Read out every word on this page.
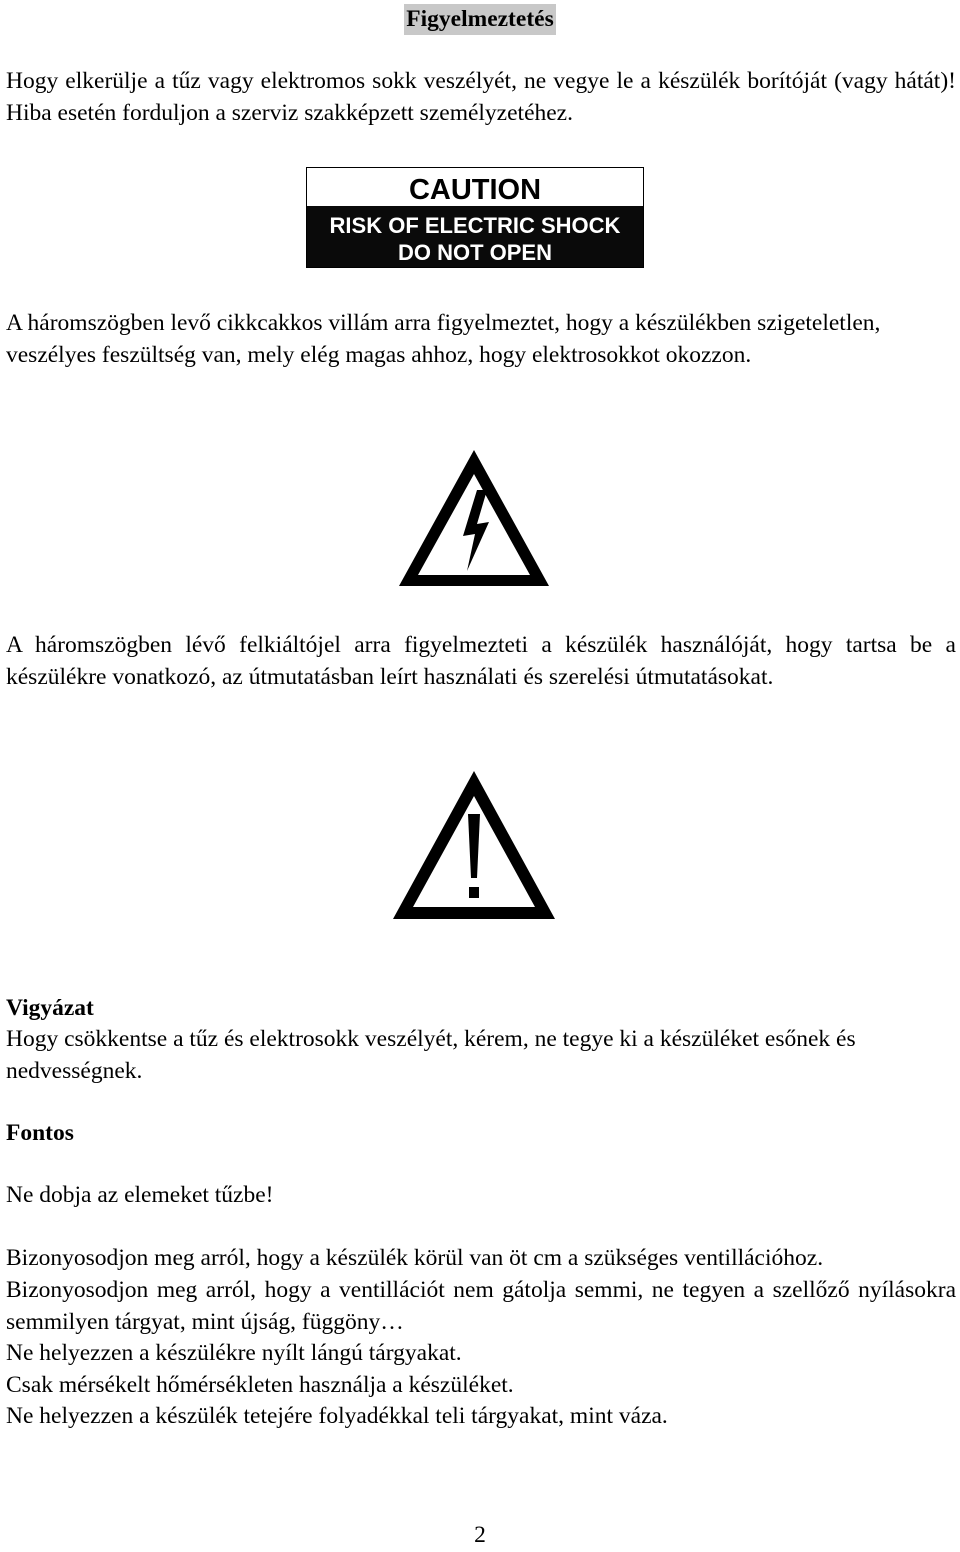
Figyelmeztetés

Hogy elkerülje a tűz vagy elektromos sokk veszélyét, ne vegye le a készülék borítóját (vagy hátát)! Hiba esetén forduljon a szerviz szakképzett személyzetéhez.

CAUTION
RISK OF ELECTRIC SHOCK
DO NOT OPEN

A háromszögben levő cikkcakkos villám arra figyelmeztet, hogy a készülékben szigeteletlen, veszélyes feszültség van, mely elég magas ahhoz, hogy elektrosokkot okozzon.

A háromszögben lévő felkiáltójel arra figyelmezteti a készülék használóját, hogy tartsa be a készülékre vonatkozó, az útmutatásban leírt használati és szerelési útmutatásokat.

Vigyázat

Hogy csökkentse a tűz és elektrosokk veszélyét, kérem, ne tegye ki a készüléket esőnek és nedvességnek.

Fontos

Ne dobja az elemeket tűzbe!

Bizonyosodjon meg arról, hogy a készülék körül van öt cm a szükséges ventillációhoz.

Bizonyosodjon meg arról, hogy a ventillációt nem gátolja semmi, ne tegyen a szellőző nyílásokra semmilyen tárgyat, mint újság, függöny…

Ne helyezzen a készülékre nyílt lángú tárgyakat.

Csak mérsékelt hőmérsékleten használja a készüléket.

Ne helyezzen a készülék tetejére folyadékkal teli tárgyakat, mint váza.

2
